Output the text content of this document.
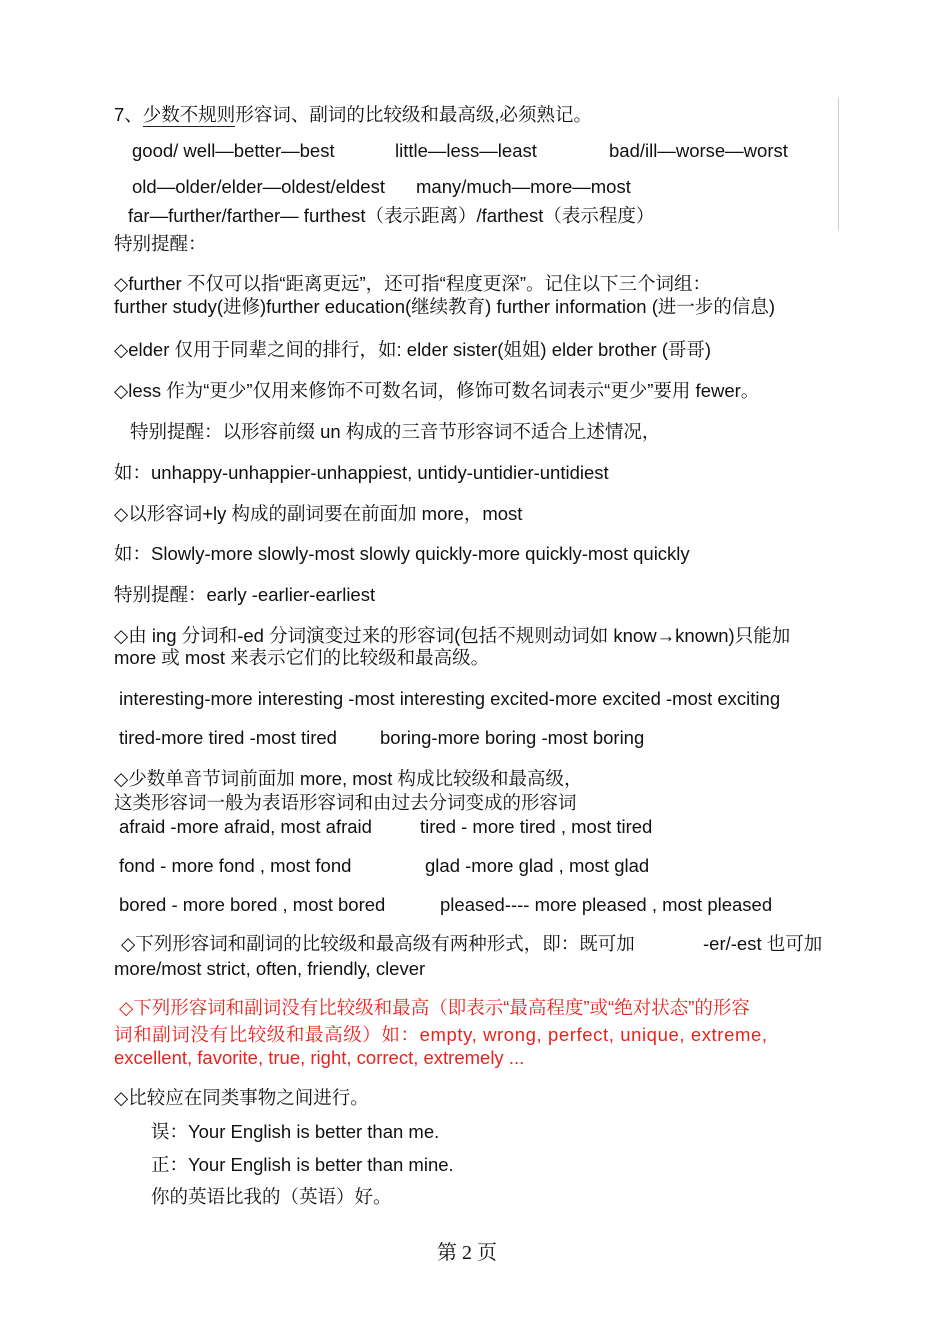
7、少数不规则形容词、副词的比较级和最高级,必须熟记。
good/ well—better—best	little—less—least	bad/ill—worse—worst
old—older/elder—oldest/eldest many/much—more—most
far—further/farther— furthest（表示距离）/farthest（表示程度）
特别提醒：
◇further 不仅可以指“距离更远”，还可指“程度更深”。记住以下三个词组：
further study(进修)further education(继续教育) further information (进一步的信息)
◇elder 仅用于同辈之间的排行，如: elder sister(姐姐) elder brother (哥哥)
◇less 作为“更少”仅用来修饰不可数名词，修饰可数名词表示“更少”要用 fewer。
特别提醒：以形容前缀 un 构成的三音节形容词不适合上述情况，
如：unhappy-unhappier-unhappiest, untidy-untidier-untidiest
◇以形容词+ly 构成的副词要在前面加 more，most
如：Slowly-more slowly-most slowly quickly-more quickly-most quickly
特别提醒：early -earlier-earliest
◇由 ing 分词和-ed 分词演变过来的形容词(包括不规则动词如 know→known)只能加
more 或 most 来表示它们的比较级和最高级。
interesting-more interesting -most interesting excited-more excited -most exciting
tired-more tired -most tired boring-more boring -most boring
◇少数单音节词前面加 more, most 构成比较级和最高级，
这类形容词一般为表语形容词和由过去分词变成的形容词
afraid -more afraid, most afraid	tired - more tired , most tired
fond - more fond , most fond	glad -more glad , most glad
bored - more bored , most bored	pleased---- more pleased , most pleased
◇下列形容词和副词的比较级和最高级有两种形式，即：既可加	-er/-est 也可加
more/most strict, often, friendly, clever
◇下列形容词和副词没有比较级和最高（即表示“最高程度”或“绝对状态”的形容
词和副词没有比较级和最高级）如：empty, wrong, perfect, unique, extreme,
excellent, favorite, true, right, correct, extremely ...
◇比较应在同类事物之间进行。
误：Your English is better than me.
正：Your English is better than mine.
你的英语比我的（英语）好。
第 2 页
